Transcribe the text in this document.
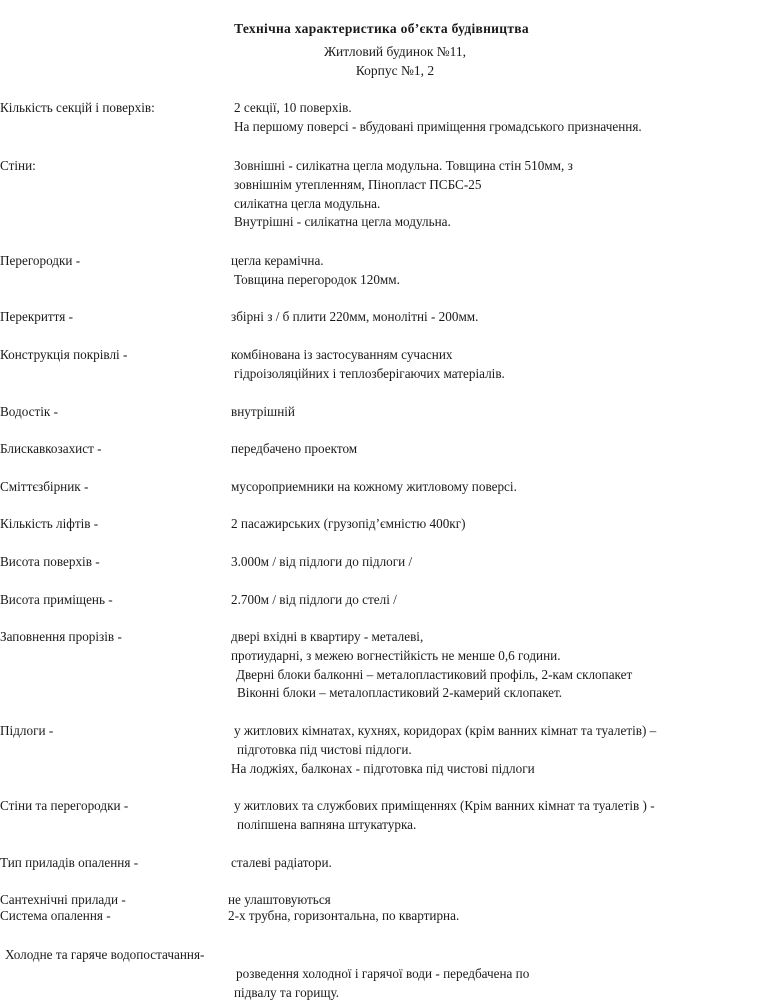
Технічна характеристика об’єкта будівництва
Житловий будинок №11,
Корпус №1, 2
Кількість секцій і поверхів:	2 секції, 10 поверхів.
На першому поверсі - вбудовані приміщення громадського призначення.
Стіни:	Зовнішні - силікатна цегла модульна. Товщина стін 510мм, з
зовнішнім утепленням, Пінопласт ПСБС-25
силікатна цегла модульна.
Внутрішні - силікатна цегла модульна.
Перегородки -	цегла керамічна.
Товщина перегородок 120мм.
Перекриття -	збірні з / б плити 220мм, монолітні - 200мм.
Конструкція покрівлі -	комбінована із застосуванням сучасних
гідроізоляційних і теплозберігаючих матеріалів.
Водостік -	внутрішній
Блискавкозахист -	передбачено проектом
Сміттєзбірник -	мусороприемники на кожному житловому поверсі.
Кількість ліфтів -	2 пасажирських (грузопід’ємністю 400кг)
Висота поверхів -	3.000м / від підлоги до підлоги /
Висота приміщень -	2.700м / від підлоги до стелі /
Заповнення прорізів -	двері вхідні в квартиру - металеві,
протиударні, з межею вогнестійкість не менше 0,6 години.
Дверні блоки балконні – металопластиковий профіль, 2-кам склопакет
Віконні блоки – металопластиковий 2-камерий склопакет.
Підлоги -	у житлових кімнатах, кухнях, коридорах (крім ванних кімнат та туалетів) –
підготовка під чистові підлоги.
На лоджіях, балконах - підготовка під чистові підлоги
Стіни та перегородки -	у житлових та службових приміщеннях (Крім ванних кімнат та туалетів ) -
поліпшена вапняна штукатурка.
Тип приладів опалення -	сталеві радіатори.
Сантехнічні прилади -	не улаштовуються
Система опалення -	2-х трубна, горизонтальна, по квартирна.
Холодне та гаряче водопостачання-
розведення холодної і гарячої води - передбачена по
підвалу та горищу.
